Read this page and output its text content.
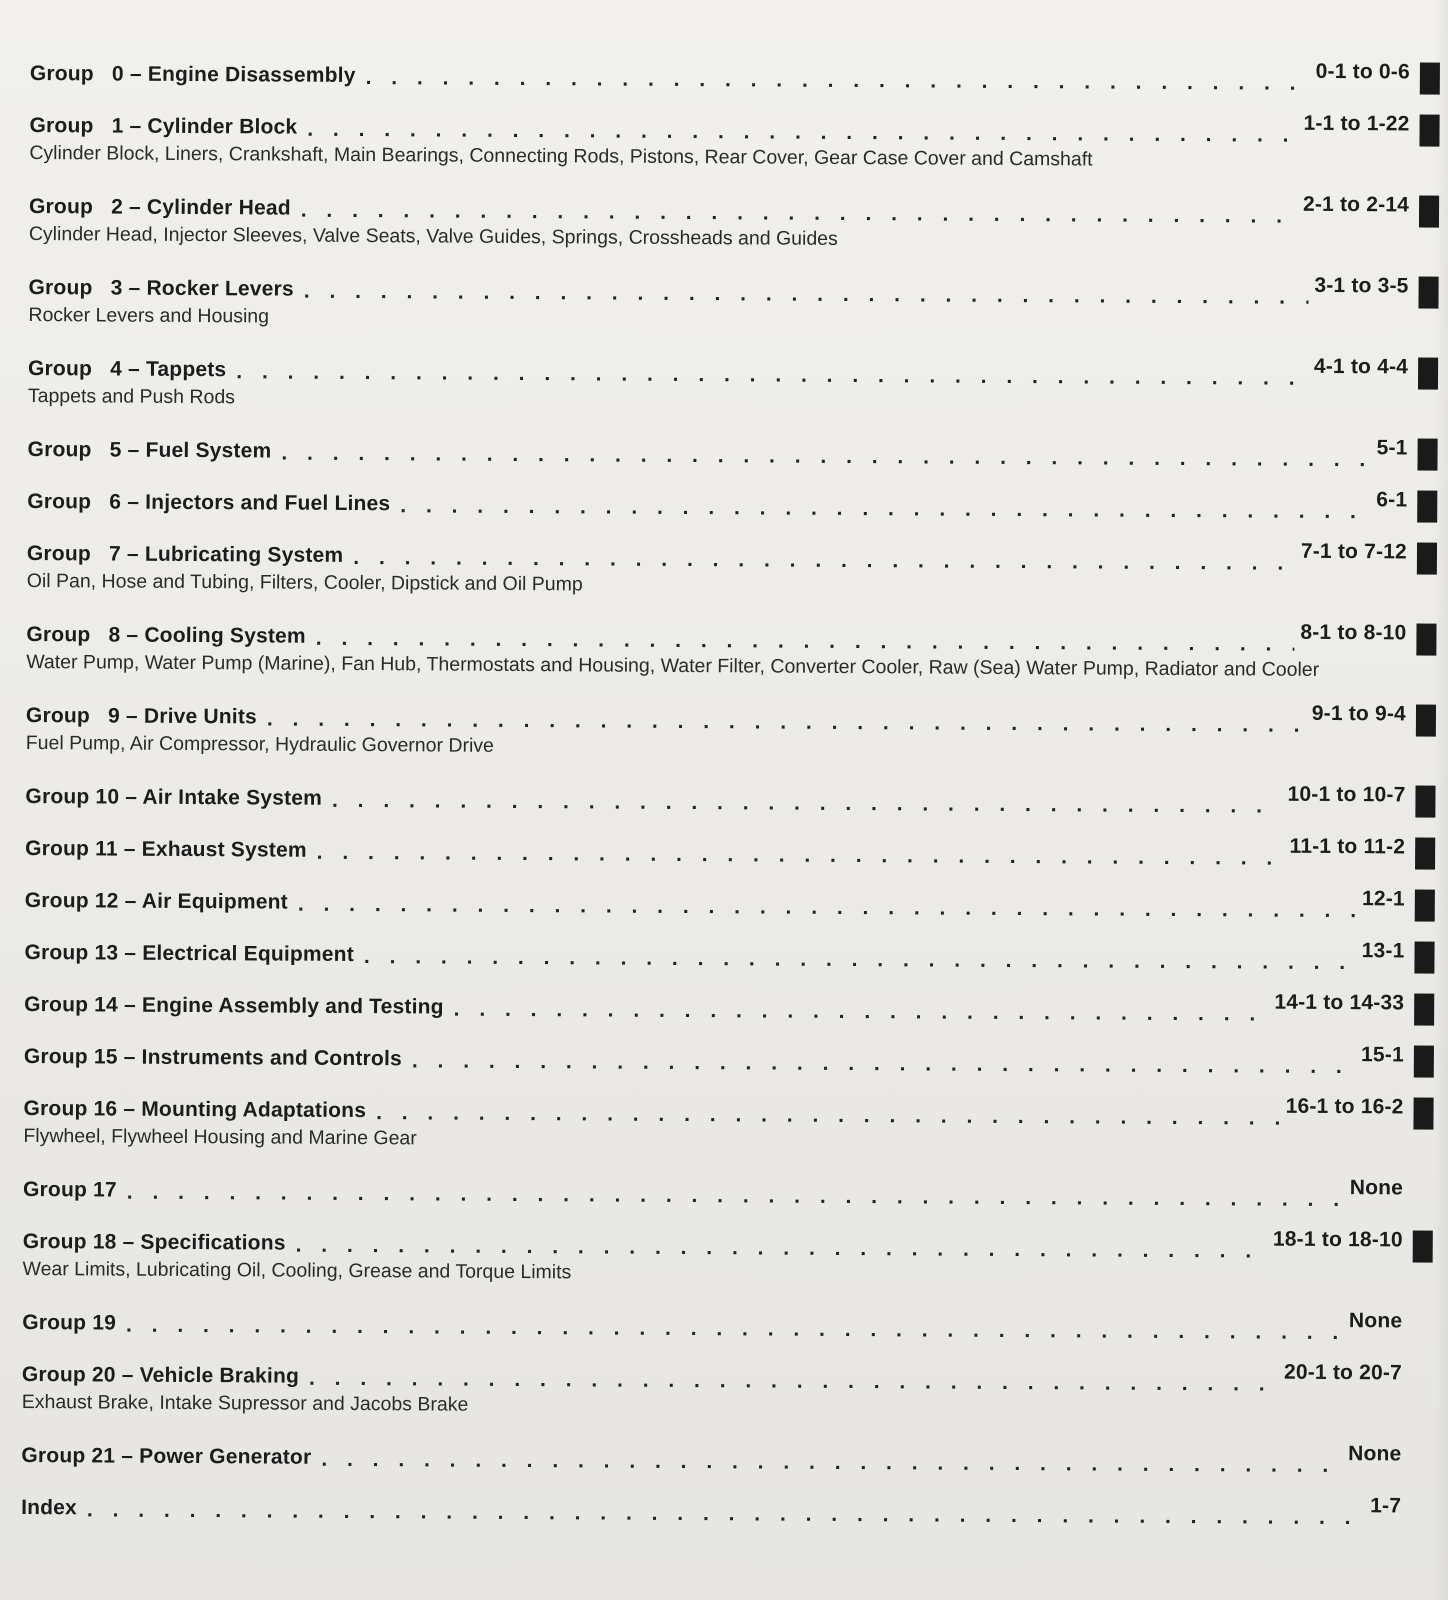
Group   0 – Engine Disassembly . . .	0-1 to 0-6
Group   1 – Cylinder Block . . .	1-1 to 1-22
Cylinder Block, Liners, Crankshaft, Main Bearings, Connecting Rods, Pistons, Rear Cover, Gear Case Cover and Camshaft
Group   2 – Cylinder Head . . .	2-1 to 2-14
Cylinder Head, Injector Sleeves, Valve Seats, Valve Guides, Springs, Crossheads and Guides
Group   3 – Rocker Levers . . .	3-1 to 3-5
Rocker Levers and Housing
Group   4 – Tappets . . .	4-1 to 4-4
Tappets and Push Rods
Group   5 – Fuel System . . .	5-1
Group   6 – Injectors and Fuel Lines . . .	6-1
Group   7 – Lubricating System . . .	7-1 to 7-12
Oil Pan, Hose and Tubing, Filters, Cooler, Dipstick and Oil Pump
Group   8 – Cooling System . . .	8-1 to 8-10
Water Pump, Water Pump (Marine), Fan Hub, Thermostats and Housing, Water Filter, Converter Cooler, Raw (Sea) Water Pump, Radiator and Cooler
Group   9 – Drive Units . . .	9-1 to 9-4
Fuel Pump, Air Compressor, Hydraulic Governor Drive
Group 10 – Air Intake System . . .	10-1 to 10-7
Group 11 – Exhaust System . . .	11-1 to 11-2
Group 12 – Air Equipment . . .	12-1
Group 13 – Electrical Equipment . . .	13-1
Group 14 – Engine Assembly and Testing . . .	14-1 to 14-33
Group 15 – Instruments and Controls . . .	15-1
Group 16 – Mounting Adaptations . . .	16-1 to 16-2
Flywheel, Flywheel Housing and Marine Gear
Group 17 . . .	None
Group 18 – Specifications . . .	18-1 to 18-10
Wear Limits, Lubricating Oil, Cooling, Grease and Torque Limits
Group 19 . . .	None
Group 20 – Vehicle Braking . . .	20-1 to 20-7
Exhaust Brake, Intake Supressor and Jacobs Brake
Group 21 – Power Generator . . .	None
Index . . .	1-7
